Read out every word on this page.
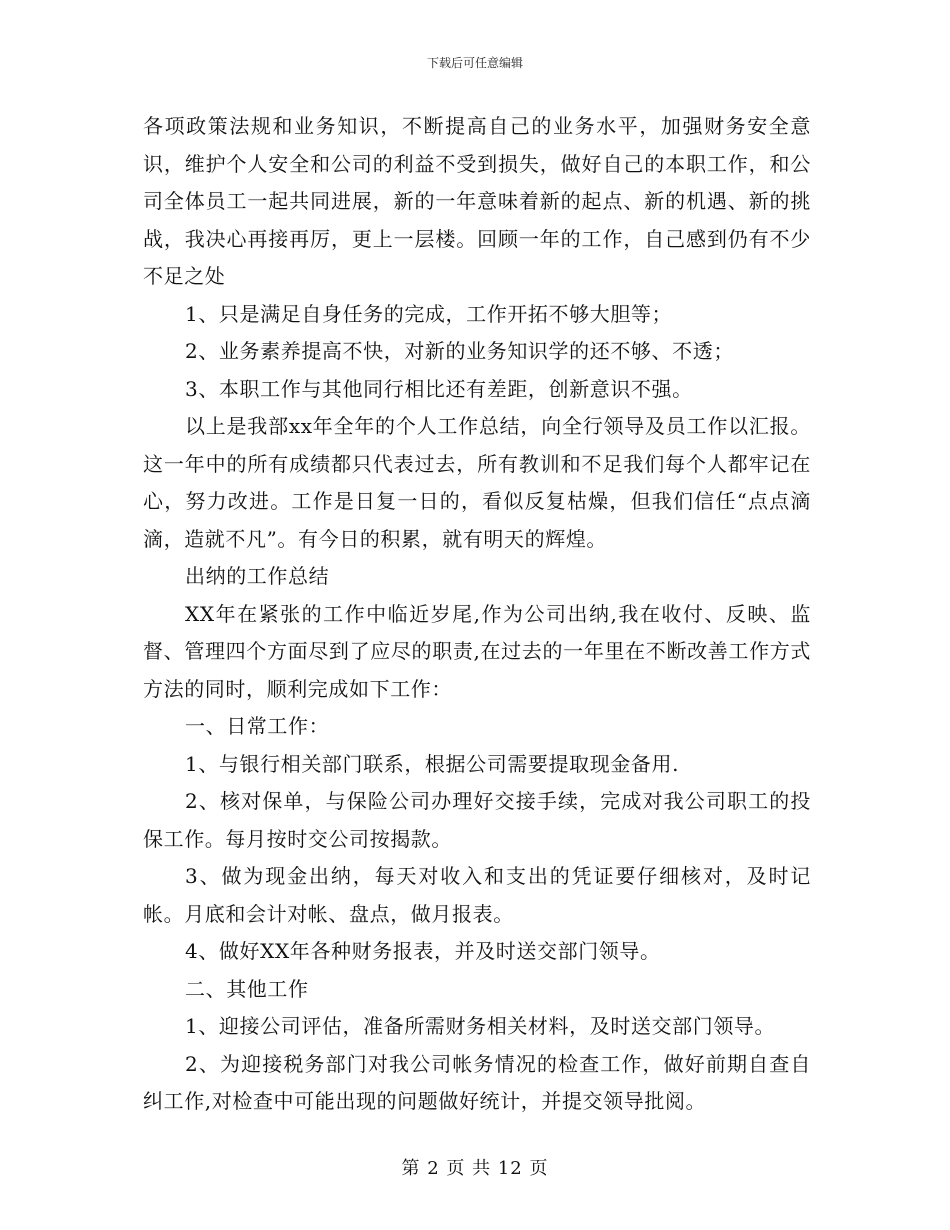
下载后可任意编辑

各项政策法规和业务知识，不断提高自己的业务水平，加强财务安全意识，维护个人安全和公司的利益不受到损失，做好自己的本职工作，和公司全体员工一起共同进展，新的一年意味着新的起点、新的机遇、新的挑战，我决心再接再厉，更上一层楼。回顾一年的工作，自己感到仍有不少不足之处

1、只是满足自身任务的完成，工作开拓不够大胆等；

2、业务素养提高不快，对新的业务知识学的还不够、不透；

3、本职工作与其他同行相比还有差距，创新意识不强。

以上是我部xx年全年的个人工作总结，向全行领导及员工作以汇报。这一年中的所有成绩都只代表过去，所有教训和不足我们每个人都牢记在心，努力改进。工作是日复一日的，看似反复枯燥，但我们信任“点点滴滴，造就不凡”。有今日的积累，就有明天的辉煌。

出纳的工作总结

XX年在紧张的工作中临近岁尾,作为公司出纳,我在收付、反映、监督、管理四个方面尽到了应尽的职责,在过去的一年里在不断改善工作方式方法的同时，顺利完成如下工作：

一、日常工作：

1、与银行相关部门联系，根据公司需要提取现金备用.

2、核对保单，与保险公司办理好交接手续，完成对我公司职工的投保工作。每月按时交公司按揭款。

3、做为现金出纳，每天对收入和支出的凭证要仔细核对，及时记帐。月底和会计对帐、盘点，做月报表。

4、做好XX年各种财务报表，并及时送交部门领导。

二、其他工作

1、迎接公司评估，准备所需财务相关材料，及时送交部门领导。

2、为迎接税务部门对我公司帐务情况的检查工作，做好前期自查自纠工作,对检查中可能出现的问题做好统计，并提交领导批阅。

第 2 页 共 12 页
